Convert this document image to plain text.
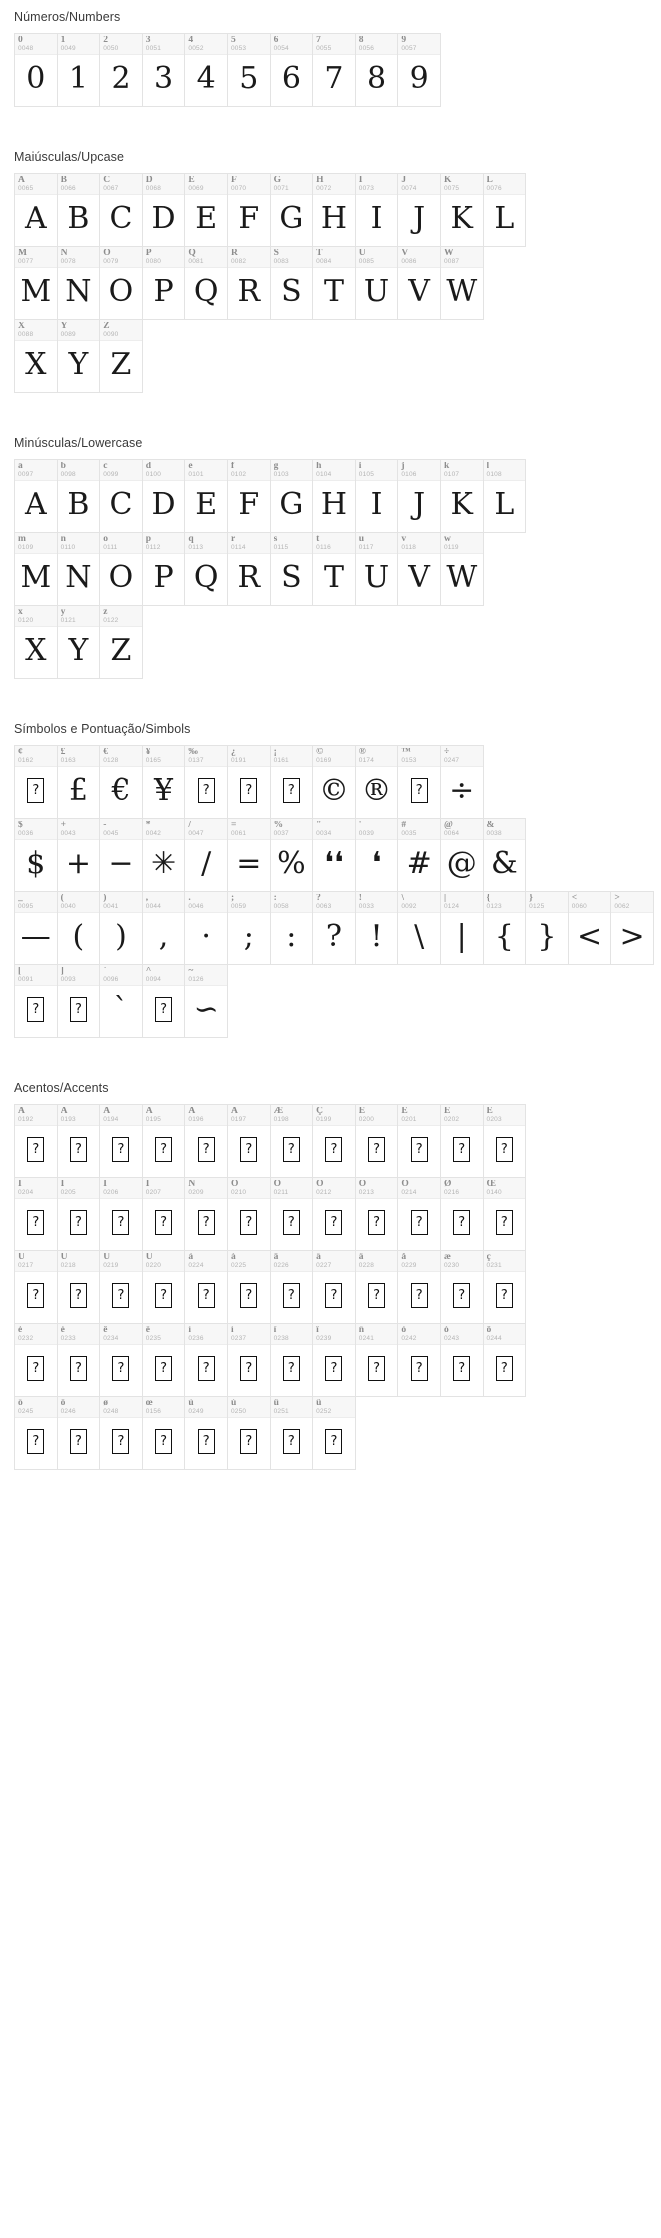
Números/Numbers
0
0048
0
1
0049
1
2
0050
2
3
0051
3
4
0052
4
5
0053
5
6
0054
6
7
0055
7
8
0056
8
9
0057
9
Maiúsculas/Upcase
A
0065
A
B
0066
B
C
0067
C
D
0068
D
E
0069
E
F
0070
F
G
0071
G
H
0072
H
I
0073
I
J
0074
J
K
0075
K
L
0076
L
M
0077
M
N
0078
N
O
0079
O
P
0080
P
Q
0081
Q
R
0082
R
S
0083
S
T
0084
T
U
0085
U
V
0086
V
W
0087
W
X
0088
X
Y
0089
Y
Z
0090
Z
Minúsculas/Lowercase
a
0097
A
b
0098
B
c
0099
C
d
0100
D
e
0101
E
f
0102
F
g
0103
G
h
0104
H
i
0105
I
j
0106
J
k
0107
K
l
0108
L
m
0109
M
n
0110
N
o
0111
O
p
0112
P
q
0113
Q
r
0114
R
s
0115
S
t
0116
T
u
0117
U
v
0118
V
w
0119
W
x
0120
X
y
0121
Y
z
0122
Z
Símbolos e Pontuação/Simbols
¢
0162
?
£
0163
£
€
0128
€
¥
0165
¥
‰
0137
?
¿
0191
?
¡
0161
?
©
0169
©
®
0174
®
™
0153
?
÷
0247
÷
$
0036
$
+
0043
+
-
0045
−
*
0042
✳
/
0047
/
=
0061
=
%
0037
%
"
0034
❛❛
'
0039
❛
#
0035
#
@
0064
@
&
0038
&
_
0095
—
(
0040
(
)
0041
)
,
0044
,
.
0046
·
;
0059
;
:
0058
:
?
0063
?
!
0033
!
\
0092
\
|
0124
|
{
0123
{
}
0125
}
<
0060
<
>
0062
>
[
0091
?
]
0093
?
`
0096
`
^
0094
?
~
0126
∽
Acentos/Accents
À
0192
?
Á
0193
?
Â
0194
?
Ã
0195
?
Ä
0196
?
Å
0197
?
Æ
0198
?
Ç
0199
?
È
0200
?
É
0201
?
Ê
0202
?
Ë
0203
?
Ì
0204
?
Í
0205
?
Î
0206
?
Ï
0207
?
Ñ
0209
?
Ò
0210
?
Ó
0211
?
Ô
0212
?
Õ
0213
?
Ö
0214
?
Ø
0216
?
Œ
0140
?
Ù
0217
?
Ú
0218
?
Û
0219
?
Ü
0220
?
à
0224
?
á
0225
?
â
0226
?
ã
0227
?
ä
0228
?
å
0229
?
æ
0230
?
ç
0231
?
è
0232
?
é
0233
?
ê
0234
?
ë
0235
?
ì
0236
?
í
0237
?
î
0238
?
ï
0239
?
ñ
0241
?
ò
0242
?
ó
0243
?
ô
0244
?
õ
0245
?
ö
0246
?
ø
0248
?
œ
0156
?
ù
0249
?
ú
0250
?
û
0251
?
ü
0252
?
